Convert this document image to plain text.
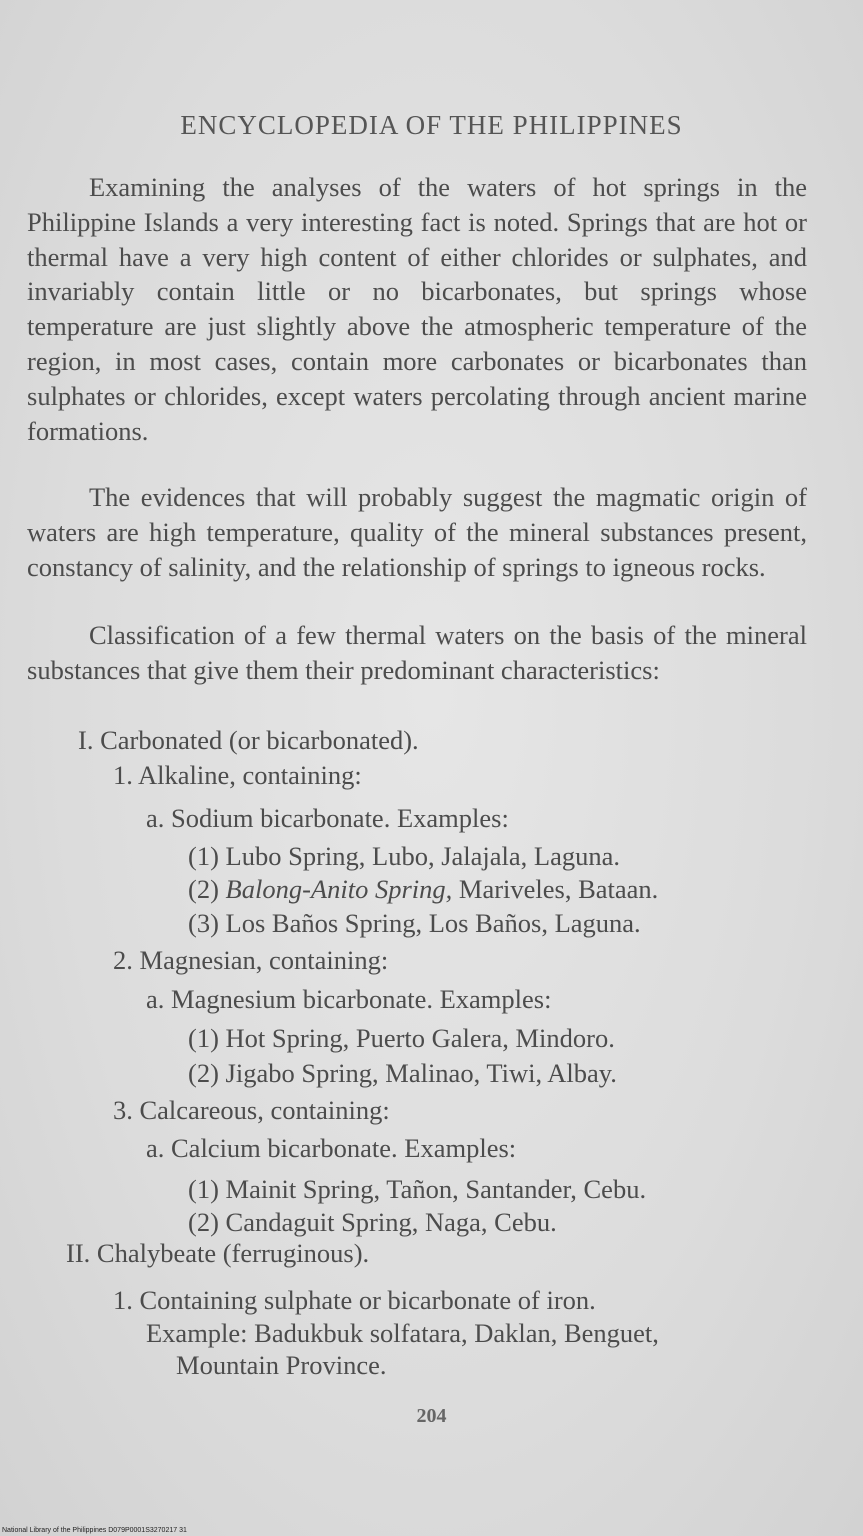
ENCYCLOPEDIA OF THE PHILIPPINES
Examining the analyses of the waters of hot springs in the Philippine Islands a very interesting fact is noted. Springs that are hot or thermal have a very high content of either chlorides or sulphates, and invariably contain little or no bicarbonates, but springs whose temperature are just slightly above the atmospheric temperature of the region, in most cases, contain more carbonates or bicarbonates than sulphates or chlorides, except waters percolating through ancient marine formations.
The evidences that will probably suggest the magmatic origin of waters are high temperature, quality of the mineral substances present, constancy of salinity, and the relationship of springs to igneous rocks.
Classification of a few thermal waters on the basis of the mineral substances that give them their predominant characteristics:
I. Carbonated (or bicarbonated).
1. Alkaline, containing:
a. Sodium bicarbonate. Examples:
(1) Lubo Spring, Lubo, Jalajala, Laguna.
(2) Balong-Anito Spring, Mariveles, Bataan.
(3) Los Baños Spring, Los Baños, Laguna.
2. Magnesian, containing:
a. Magnesium bicarbonate. Examples:
(1) Hot Spring, Puerto Galera, Mindoro.
(2) Jigabo Spring, Malinao, Tiwi, Albay.
3. Calcareous, containing:
a. Calcium bicarbonate. Examples:
(1) Mainit Spring, Tañon, Santander, Cebu.
(2) Candaguit Spring, Naga, Cebu.
II. Chalybeate (ferruginous).
1. Containing sulphate or bicarbonate of iron.
Example: Badukbuk solfatara, Daklan, Benguet,
Mountain Province.
204
National Library of the Philippines D079P0001S3270217 31
